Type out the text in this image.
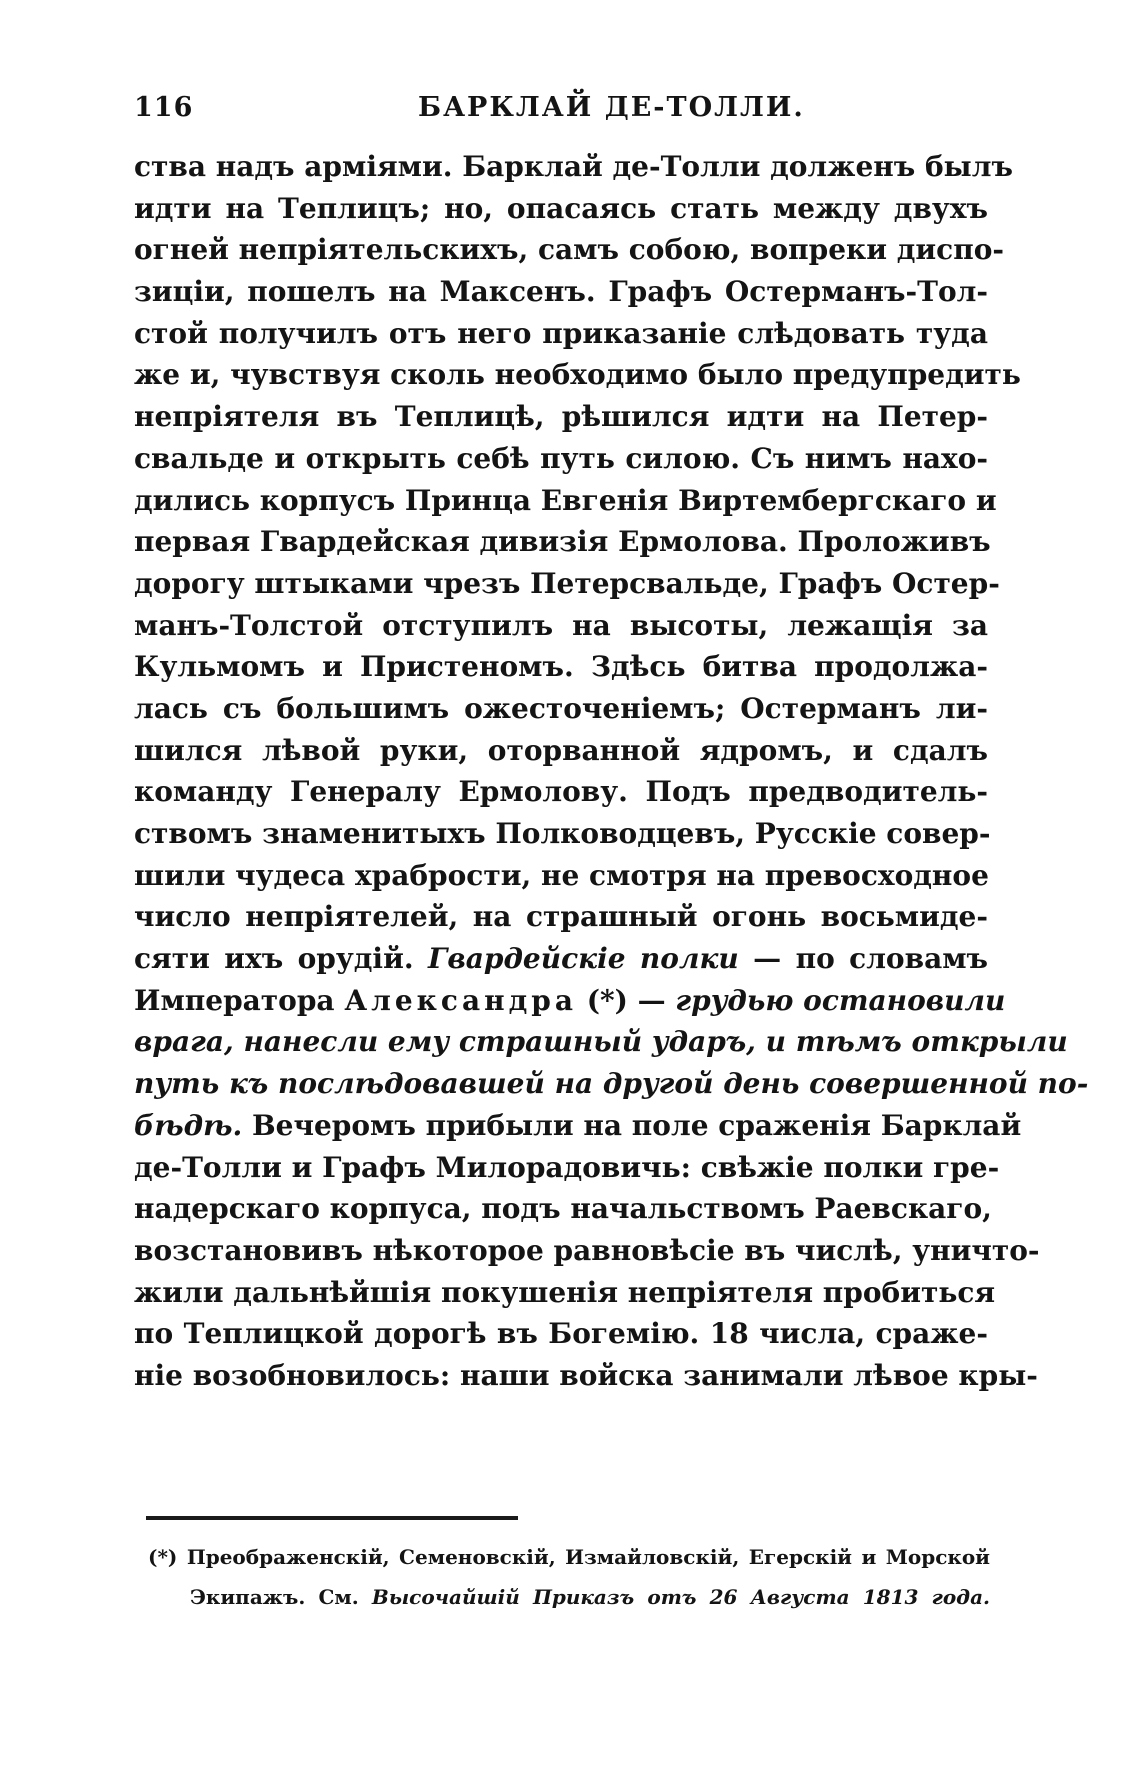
116	БАРКЛАЙ ДЕ-ТОЛЛИ.
ства надъ арміями. Барклай де-Толли долженъ былъ
идти на Теплицъ; но, опасаясь стать между двухъ
огней непріятельскихъ, самъ собою, вопреки диспо-
зиціи, пошелъ на Максенъ. Графъ Остерманъ-Тол-
стой получилъ отъ него приказаніе слѣдовать туда
же и, чувствуя сколь необходимо было предупредить
непріятеля въ Теплицѣ, рѣшился идти на Петер-
свальде и открыть себѣ путь силою. Съ нимъ нахо-
дились корпусъ Принца Евгенія Виртембергскаго и
первая Гвардейская дивизія Ермолова. Проложивъ
дорогу штыками чрезъ Петерсвальде, Графъ Остер-
манъ-Толстой отступилъ на высоты, лежащія за
Кульмомъ и Пристеномъ. Здѣсь битва продолжа-
лась съ большимъ ожесточеніемъ; Остерманъ ли-
шился лѣвой руки, оторванной ядромъ, и сдалъ
команду Генералу Ермолову. Подъ предводитель-
ствомъ знаменитыхъ Полководцевъ, Русскіе совер-
шили чудеса храбрости, не смотря на превосходное
число непріятелей, на страшный огонь восьмиде-
сяти ихъ орудій. Гвардейскіе полки — по словамъ
Императора Александра (*) — грудью остановили
врага, нанесли ему страшный ударъ, и тѣмъ открыли
путь къ послѣдовавшей на другой день совершенной по-
бѣдѣ. Вечеромъ прибыли на поле сраженія Барклай
де-Толли и Графъ Милорадовичь: свѣжіе полки гре-
надерскаго корпуса, подъ начальствомъ Раевскаго,
возстановивъ нѣкоторое равновѣсіе въ числѣ, уничто-
жили дальнѣйшія покушенія непріятеля пробиться
по Теплицкой дорогѣ въ Богемію. 18 числа, сраже-
ніе возобновилось: наши войска занимали лѣвое кры-
(*) Преображенскій, Семеновскій, Измайловскій, Егерскій и Морской
Экипажъ. См. Высочайшій Приказъ отъ 26 Августа 1813 года.
